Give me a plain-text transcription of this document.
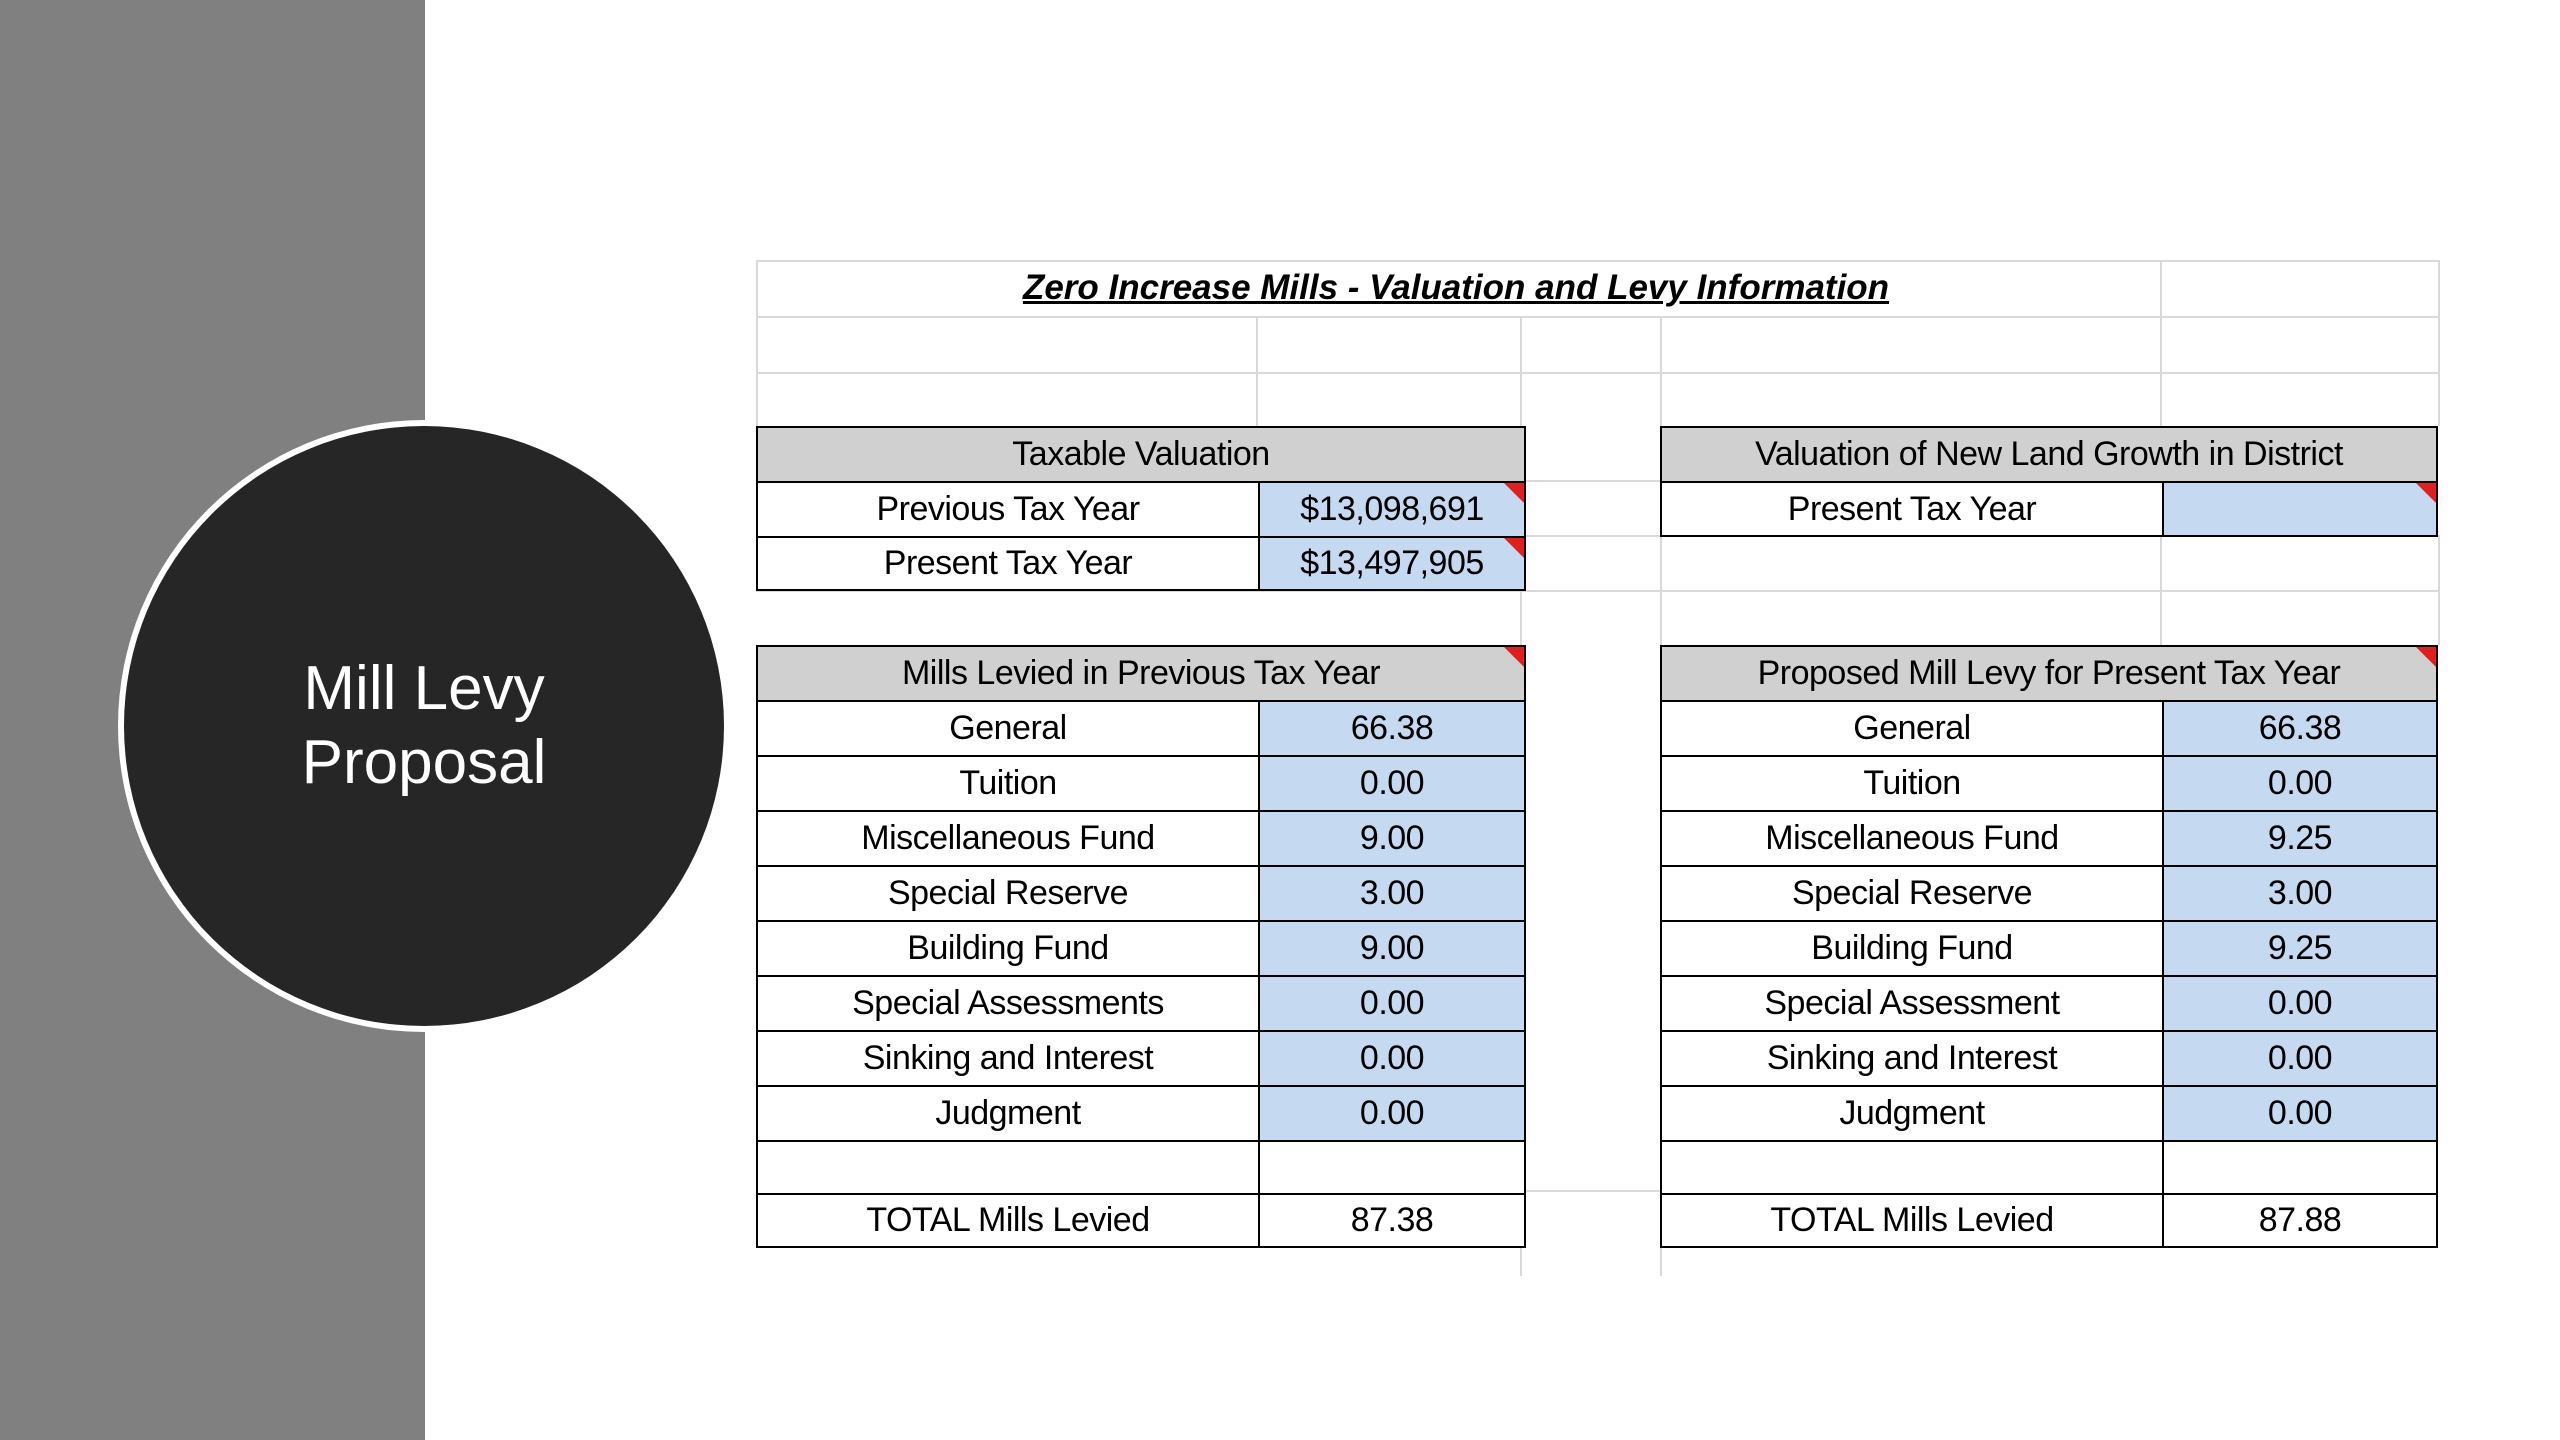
Mill Levy
Proposal
Zero Increase Mills - Valuation and Levy Information
Taxable Valuation
Previous Tax Year	$13,098,691
Present Tax Year	$13,497,905
Valuation of New Land Growth in District
Present Tax Year
Mills Levied in Previous Tax Year
General	66.38
Tuition	0.00
Miscellaneous Fund	9.00
Special Reserve	3.00
Building Fund	9.00
Special Assessments	0.00
Sinking and Interest	0.00
Judgment	0.00
TOTAL Mills Levied	87.38
Proposed Mill Levy for Present Tax Year
General	66.38
Tuition	0.00
Miscellaneous Fund	9.25
Special Reserve	3.00
Building Fund	9.25
Special Assessment	0.00
Sinking and Interest	0.00
Judgment	0.00
TOTAL Mills Levied	87.88
